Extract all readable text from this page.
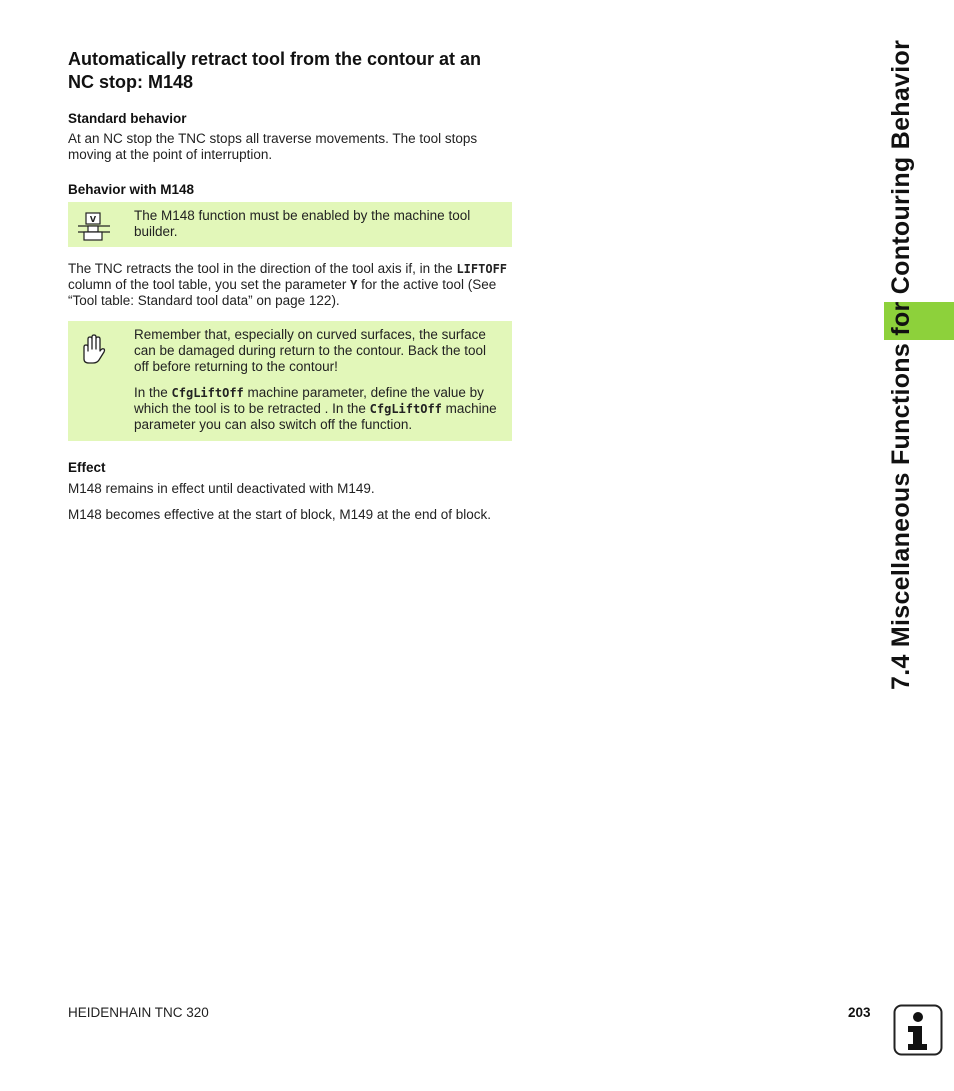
Automatically retract tool from the contour at an NC stop: M148
Standard behavior

At an NC stop the TNC stops all traverse movements. The tool stops moving at the point of interruption.

Behavior with M148
V	The M148 function must be enabled by the machine tool builder.

The TNC retracts the tool in the direction of the tool axis if, in the LIFTOFF column of the tool table, you set the parameter Y for the active tool (See “Tool table: Standard tool data” on page 122).

Remember that, especially on curved surfaces, the surface can be damaged during return to the contour. Back the tool off before returning to the contour!

In the CfgLiftOff machine parameter, define the value by which the tool is to be retracted . In the CfgLiftOff machine parameter you can also switch off the function.

Effect

M148 remains in effect until deactivated with M149.

M148 becomes effective at the start of block, M149 at the end of block.	7.4 Miscellaneous Functions for Contouring Behavior
HEIDENHAIN TNC 320	203
